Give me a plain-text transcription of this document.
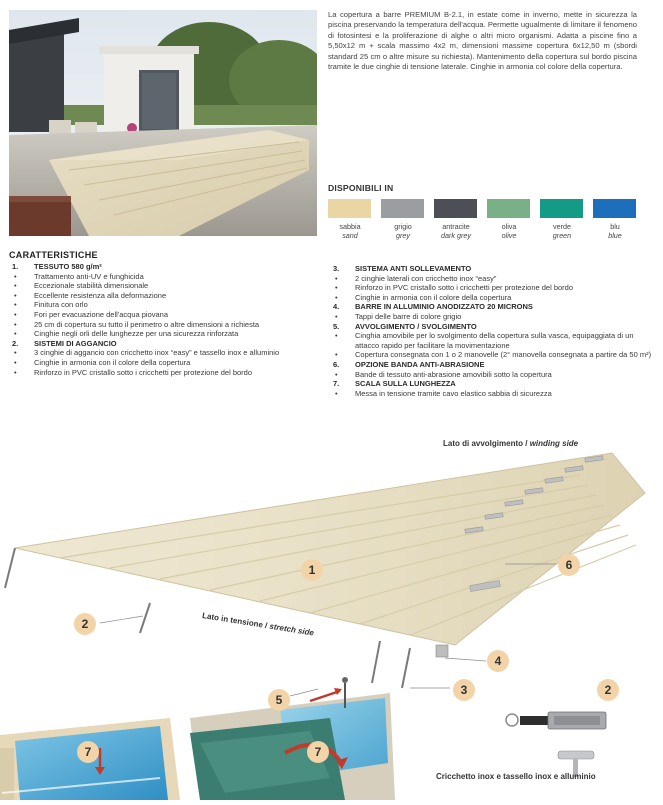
La copertura a barre PREMIUM B-2.1, in estate come in inverno, mette in sicurezza la piscina preservando la temperatura dell'acqua. Permette ugualmente di limitare il fenomeno di fotosintesi e la proliferazione di alghe o altri micro organismi. Adatta a piscine fino a 5,50x12 m + scala massimo 4x2 m, dimensioni massime copertura 6x12,50 m (sbordi standard 25 cm o altre misure su richiesta). Mantenimento della copertura sul bordo piscina tramite le due cinghie di tensione laterale. Cinghie in armonia col colore della copertura.

DISPONIBILI IN
sabbia
sand
grigio
grey
antracite
dark grey
oliva
olive
verde
green
blu
blue
CARATTERISTICHE
1. TESSUTO 580 g/m²
• Trattamento anti-UV e funghicida
• Eccezionale stabilità dimensionale
• Eccellente resistenza alla deformazione
• Finitura con orlo
• Fori per evacuazione dell'acqua piovana
• 25 cm di copertura su tutto il perimetro o altre dimensioni a richiesta
• Cinghie negli orli delle lunghezze per una sicurezza rinforzata
2. SISTEMI DI AGGANCIO
• 3 cinghie di aggancio con cricchetto inox “easy” e tassello inox e alluminio
• Cinghie in armonia con il colore della copertura
• Rinforzo in PVC cristallo sotto i cricchetti per protezione del bordo
3. SISTEMA ANTI SOLLEVAMENTO
• 2 cinghie laterali con cricchetto inox “easy”
• Rinforzo in PVC cristallo sotto i cricchetti per protezione del bordo
• Cinghie in armonia con il colore della copertura
4. BARRE IN ALLUMINIO ANODIZZATO 20 MICRONS
• Tappi delle barre di colore grigio
5. AVVOLGIMENTO / SVOLGIMENTO
• Cinghia amovibile per lo svolgimento della copertura sulla vasca, equipaggiata di un attacco rapido per facilitare la movimentazione
• Copertura consegnata con 1 o 2 manovelle (2° manovella consegnata a partire da 50 m²)
6. OPZIONE BANDA ANTI-ABRASIONE
• Bande di tessuto anti-abrasione amovibili sotto la copertura
7. SCALA SULLA LUNGHEZZA
• Messa in tensione tramite cavo elastico sabbia di sicurezza
Lato di avvolgimento / winding side
Lato in tensione / stretch side
Cricchetto inox e tassello inox e alluminio
1
2
3
4
5
6
7	7
2
